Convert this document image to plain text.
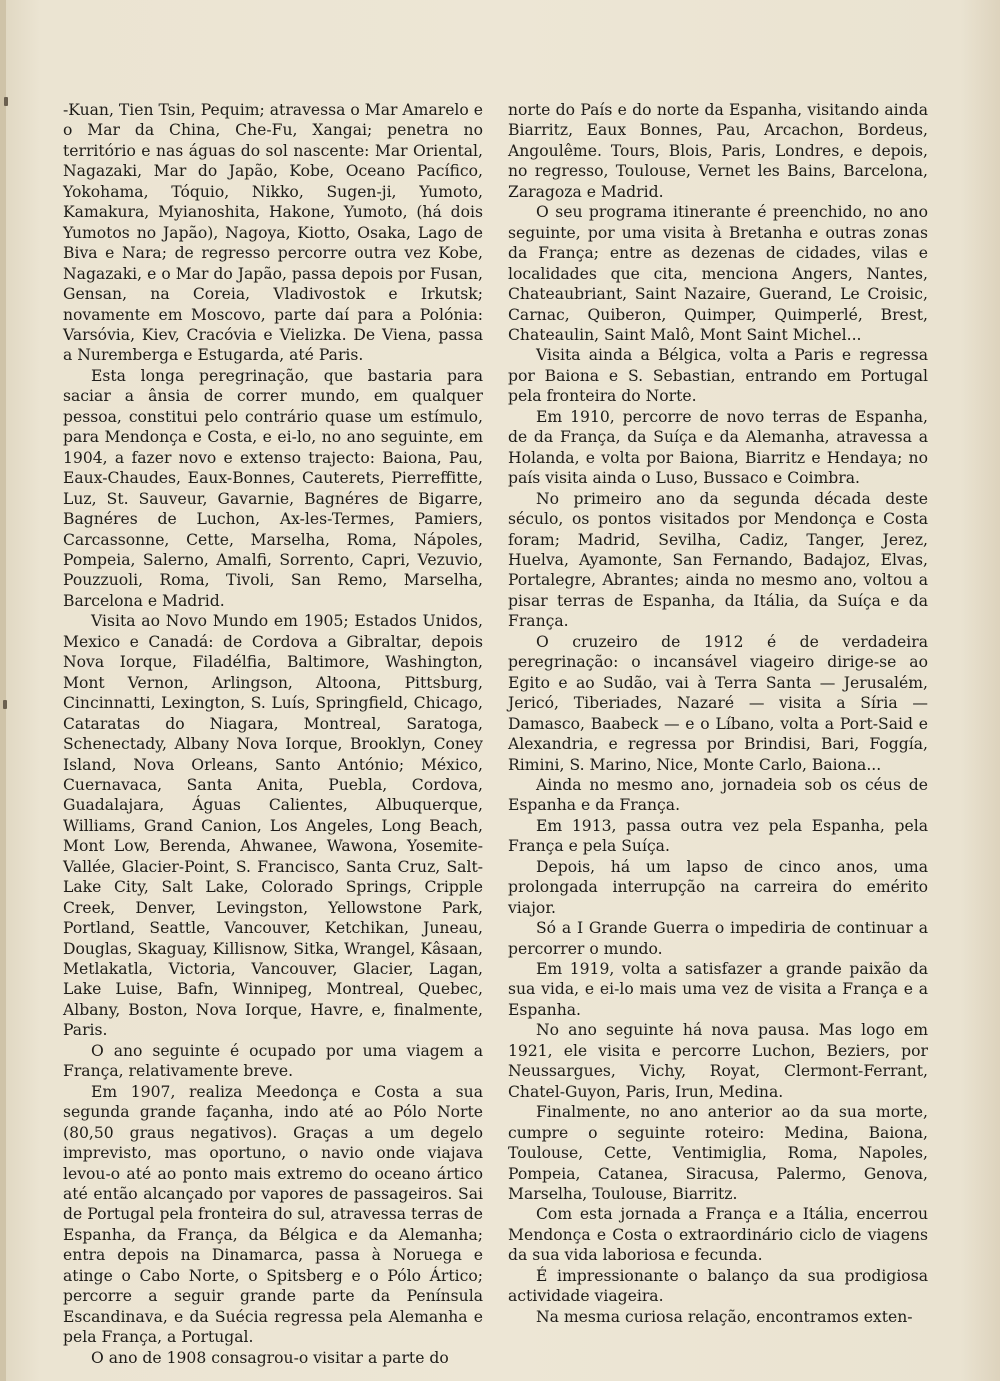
-Kuan, Tien Tsin, Pequim; atravessa o Mar Amarelo e o Mar da China, Che-Fu, Xangai; penetra no território e nas águas do sol nascente: Mar Oriental, Nagazaki, Mar do Japão, Kobe, Oceano Pacífico, Yokohama, Tóquio, Nikko, Sugen-ji, Yumoto, Kamakura, Myianoshita, Hakone, Yumoto, (há dois Yumotos no Japão), Nagoya, Kiotto, Osaka, Lago de Biva e Nara; de regresso percorre outra vez Kobe, Nagazaki, e o Mar do Japão, passa depois por Fusan, Gensan, na Coreia, Vladivostok e Irkutsk; novamente em Moscovo, parte daí para a Polónia: Varsóvia, Kiev, Cracóvia e Vielizka. De Viena, passa a Nuremberga e Estugarda, até Paris.

Esta longa peregrinação, que bastaria para saciar a ânsia de correr mundo, em qualquer pessoa, constitui pelo contrário quase um estímulo, para Mendonça e Costa, e ei-lo, no ano seguinte, em 1904, a fazer novo e extenso trajecto: Baiona, Pau, Eaux-Chaudes, Eaux-Bonnes, Cauterets, Pierreffitte, Luz, St. Sauveur, Gavarnie, Bagnéres de Bigarre, Bagnéres de Luchon, Ax-les-Termes, Pamiers, Carcassonne, Cette, Marselha, Roma, Nápoles, Pompeia, Salerno, Amalfi, Sorrento, Capri, Vezuvio, Pouzzuoli, Roma, Tivoli, San Remo, Marselha, Barcelona e Madrid.

Visita ao Novo Mundo em 1905; Estados Unidos, Mexico e Canadá: de Cordova a Gibraltar, depois Nova Iorque, Filadélfia, Baltimore, Washington, Mont Vernon, Arlingson, Altoona, Pittsburg, Cincinnatti, Lexington, S. Luís, Springfield, Chicago, Cataratas do Niagara, Montreal, Saratoga, Schenectady, Albany Nova Iorque, Brooklyn, Coney Island, Nova Orleans, Santo António; México, Cuernavaca, Santa Anita, Puebla, Cordova, Guadalajara, Águas Calientes, Albuquerque, Williams, Grand Canion, Los Angeles, Long Beach, Mont Low, Berenda, Ahwanee, Wawona, Yosemite-Vallée, Glacier-Point, S. Francisco, Santa Cruz, Salt-Lake City, Salt Lake, Colorado Springs, Cripple Creek, Denver, Levingston, Yellowstone Park, Portland, Seattle, Vancouver, Ketchikan, Juneau, Douglas, Skaguay, Killisnow, Sitka, Wrangel, Kâsaan, Metlakatla, Victoria, Vancouver, Glacier, Lagan, Lake Luise, Bafn, Winnipeg, Montreal, Quebec, Albany, Boston, Nova Iorque, Havre, e, finalmente, Paris.

O ano seguinte é ocupado por uma viagem a França, relativamente breve.

Em 1907, realiza Meedonça e Costa a sua segunda grande façanha, indo até ao Pólo Norte (80,50 graus negativos). Graças a um degelo imprevisto, mas oportuno, o navio onde viajava levou-o até ao ponto mais extremo do oceano ártico até então alcançado por vapores de passageiros. Sai de Portugal pela fronteira do sul, atravessa terras de Espanha, da França, da Bélgica e da Alemanha; entra depois na Dinamarca, passa à Noruega e atinge o Cabo Norte, o Spitsberg e o Pólo Ártico; percorre a seguir grande parte da Península Escandinava, e da Suécia regressa pela Alemanha e pela França, a Portugal.

O ano de 1908 consagrou-o visitar a parte do

norte do País e do norte da Espanha, visitando ainda Biarritz, Eaux Bonnes, Pau, Arcachon, Bordeus, Angoulême. Tours, Blois, Paris, Londres, e depois, no regresso, Toulouse, Vernet les Bains, Barcelona, Zaragoza e Madrid.

O seu programa itinerante é preenchido, no ano seguinte, por uma visita à Bretanha e outras zonas da França; entre as dezenas de cidades, vilas e localidades que cita, menciona Angers, Nantes, Chateaubriant, Saint Nazaire, Guerand, Le Croisic, Carnac, Quiberon, Quimper, Quimperlé, Brest, Chateaulin, Saint Malô, Mont Saint Michel...

Visita ainda a Bélgica, volta a Paris e regressa por Baiona e S. Sebastian, entrando em Portugal pela fronteira do Norte.

Em 1910, percorre de novo terras de Espanha, de da França, da Suíça e da Alemanha, atravessa a Holanda, e volta por Baiona, Biarritz e Hendaya; no país visita ainda o Luso, Bussaco e Coimbra.

No primeiro ano da segunda década deste século, os pontos visitados por Mendonça e Costa foram; Madrid, Sevilha, Cadiz, Tanger, Jerez, Huelva, Ayamonte, San Fernando, Badajoz, Elvas, Portalegre, Abrantes; ainda no mesmo ano, voltou a pisar terras de Espanha, da Itália, da Suíça e da França.

O cruzeiro de 1912 é de verdadeira peregrinação: o incansável viageiro dirige-se ao Egito e ao Sudão, vai à Terra Santa — Jerusalém, Jericó, Tiberiades, Nazaré — visita a Síria — Damasco, Baabeck — e o Líbano, volta a Port-Said e Alexandria, e regressa por Brindisi, Bari, Foggía, Rimini, S. Marino, Nice, Monte Carlo, Baiona...

Ainda no mesmo ano, jornadeia sob os céus de Espanha e da França.

Em 1913, passa outra vez pela Espanha, pela França e pela Suíça.

Depois, há um lapso de cinco anos, uma prolongada interrupção na carreira do emérito viajor.

Só a I Grande Guerra o impediria de continuar a percorrer o mundo.

Em 1919, volta a satisfazer a grande paixão da sua vida, e ei-lo mais uma vez de visita a França e a Espanha.

No ano seguinte há nova pausa. Mas logo em 1921, ele visita e percorre Luchon, Beziers, por Neussargues, Vichy, Royat, Clermont-Ferrant, Chatel-Guyon, Paris, Irun, Medina.

Finalmente, no ano anterior ao da sua morte, cumpre o seguinte roteiro: Medina, Baiona, Toulouse, Cette, Ventimiglia, Roma, Napoles, Pompeia, Catanea, Siracusa, Palermo, Genova, Marselha, Toulouse, Biarritz.

Com esta jornada a França e a Itália, encerrou Mendonça e Costa o extraordinário ciclo de viagens da sua vida laboriosa e fecunda.

É impressionante o balanço da sua prodigiosa actividade viageira.

Na mesma curiosa relação, encontramos exten-
